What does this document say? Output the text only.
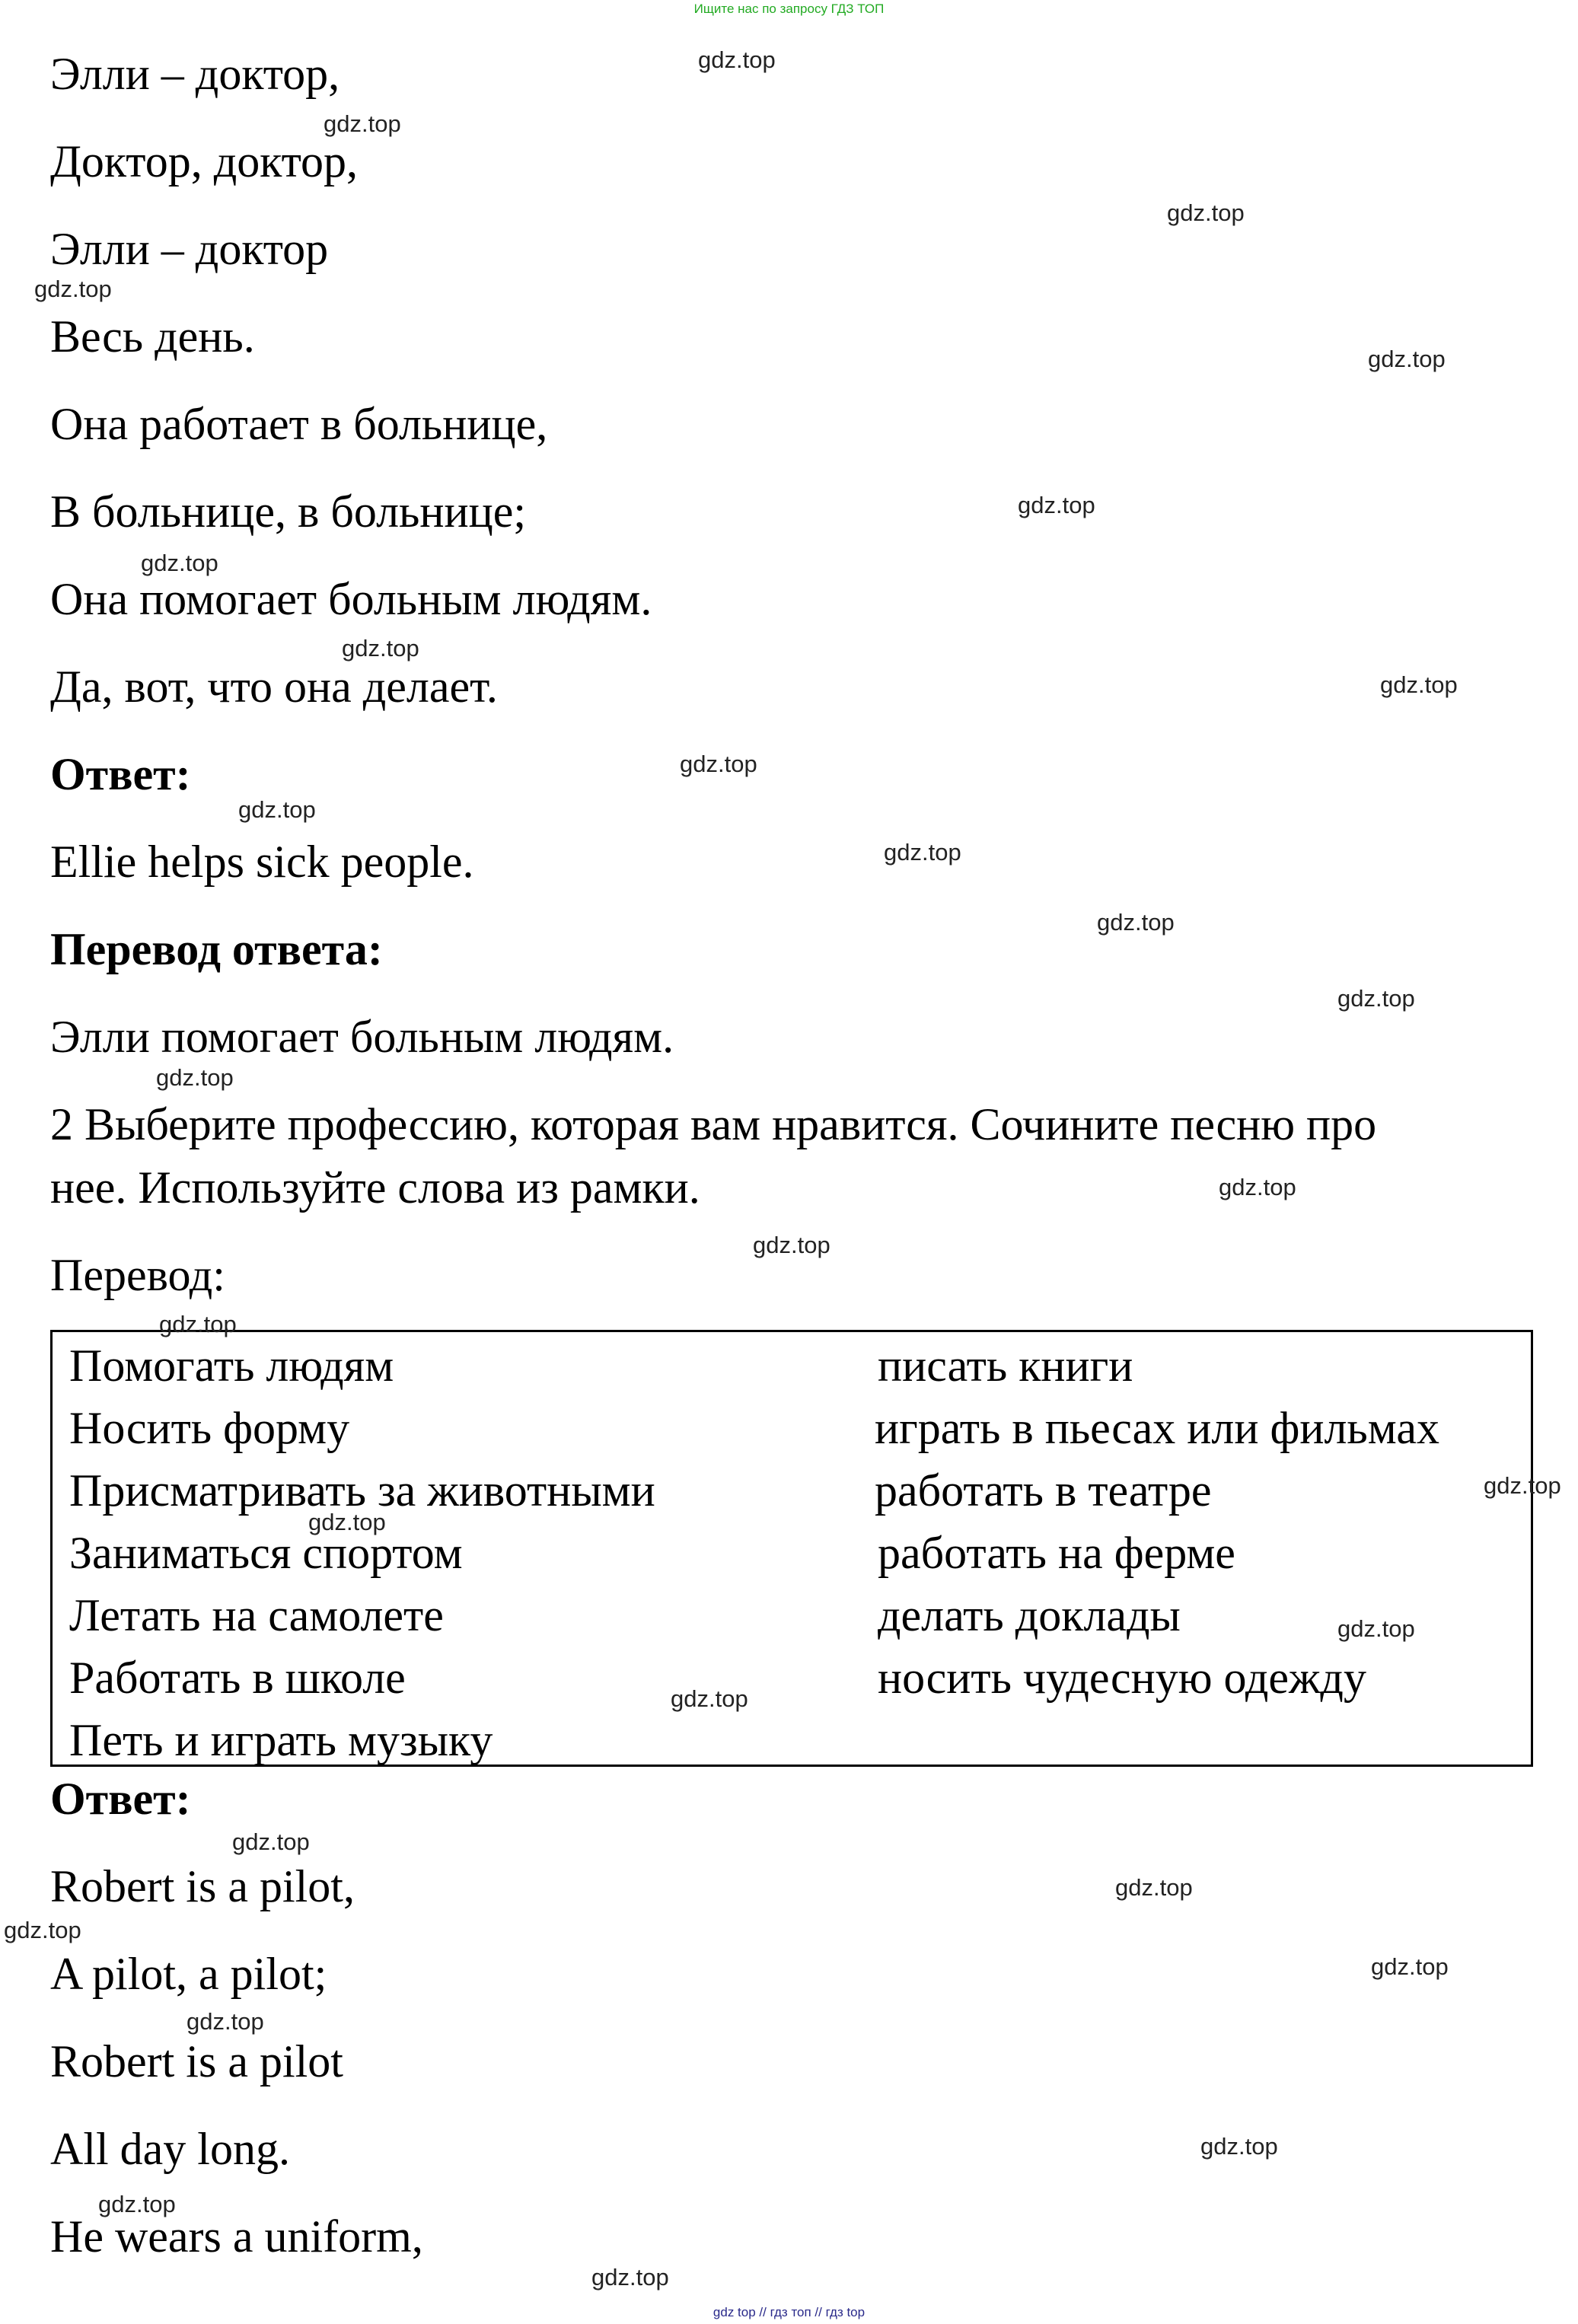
Ищите нас по запросу ГДЗ ТОП
Элли – доктор,
Доктор, доктор,
Элли – доктор
Весь день.
Она работает в больнице,
В больнице, в больнице;
Она помогает больным людям.
Да, вот, что она делает.
Ответ:
Ellie helps sick people.
Перевод ответа:
Элли помогает больным людям.
2 Выберите профессию, которая вам нравится. Сочините песню про
нее. Используйте слова из рамки.
Перевод:
Помогать людям
Носить форму
Присматривать за животными
Заниматься спортом
Летать на самолете
Работать в школе
Петь и играть музыку
писать книги
играть в пьесах или фильмах
работать в театре
работать на ферме
делать доклады
носить чудесную одежду
Ответ:
Robert is a pilot,
A pilot, a pilot;
Robert is a pilot
All day long.
He wears a uniform,
gdz.top
gdz.top
gdz.top
gdz.top
gdz.top
gdz.top
gdz.top
gdz.top
gdz.top
gdz.top
gdz.top
gdz.top
gdz.top
gdz.top
gdz.top
gdz.top
gdz.top
gdz.top
gdz.top
gdz.top
gdz.top
gdz.top
gdz.top
gdz.top
gdz.top
gdz.top
gdz.top
gdz.top
gdz.top
gdz.top
gdz top // гдз топ // гдз top
